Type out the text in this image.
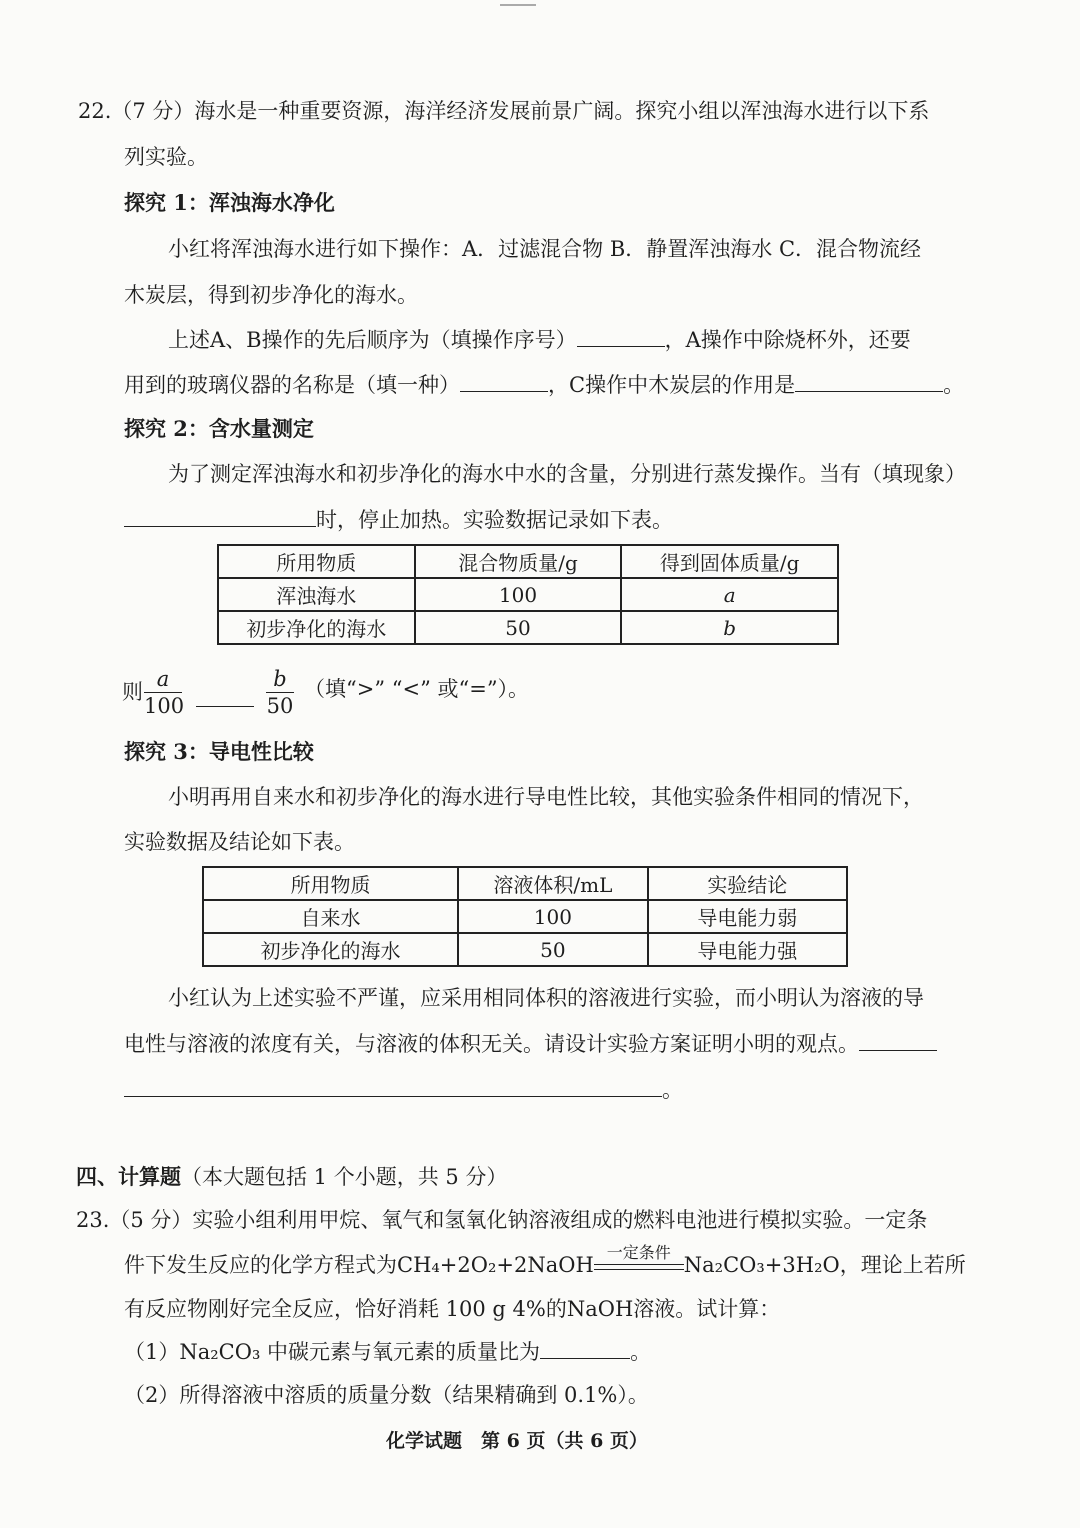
22.（7 分）海水是一种重要资源，海洋经济发展前景广阔。探究小组以浑浊海水进行以下系
列实验。
探究 1：浑浊海水净化
小红将浑浊海水进行如下操作：A．过滤混合物 B．静置浑浊海水 C．混合物流经
木炭层，得到初步净化的海水。
上述A、B操作的先后顺序为（填操作序号）	，A操作中除烧杯外，还要
用到的玻璃仪器的名称是（填一种）	，C操作中木炭层的作用是	。
探究 2：含水量测定
为了测定浑浊海水和初步净化的海水中水的含量，分别进行蒸发操作。当有（填现象）
时，停止加热。实验数据记录如下表。
所用物质	混合物质量/g	得到固体质量/g
浑浊海水	100	a
初步净化的海水	50	b
则 $\frac{a}{100}$	$\frac{b}{50}$ （填“>” “<” 或“=”）。
探究 3：导电性比较
小明再用自来水和初步净化的海水进行导电性比较，其他实验条件相同的情况下，
实验数据及结论如下表。
所用物质	溶液体积/mL	实验结论
自来水	100	导电能力弱
初步净化的海水	50	导电能力强
小红认为上述实验不严谨，应采用相同体积的溶液进行实验，而小明认为溶液的导
电性与溶液的浓度有关，与溶液的体积无关。请设计实验方案证明小明的观点。
。
四、计算题（本大题包括 1 个小题，共 5 分）
23.（5 分）实验小组利用甲烷、氧气和氢氧化钠溶液组成的燃料电池进行模拟实验。一定条
件下发生反应的化学方程式为CH₄+2O₂+2NaOH
一定条件
Na₂CO₃+3H₂O，理论上若所
有反应物刚好完全反应，恰好消耗 100 g 4%的NaOH溶液。试计算：
（1）Na₂CO₃ 中碳元素与氧元素的质量比为	。
（2）所得溶液中溶质的质量分数（结果精确到 0.1%）。
化学试题　第 6 页（共 6 页）
